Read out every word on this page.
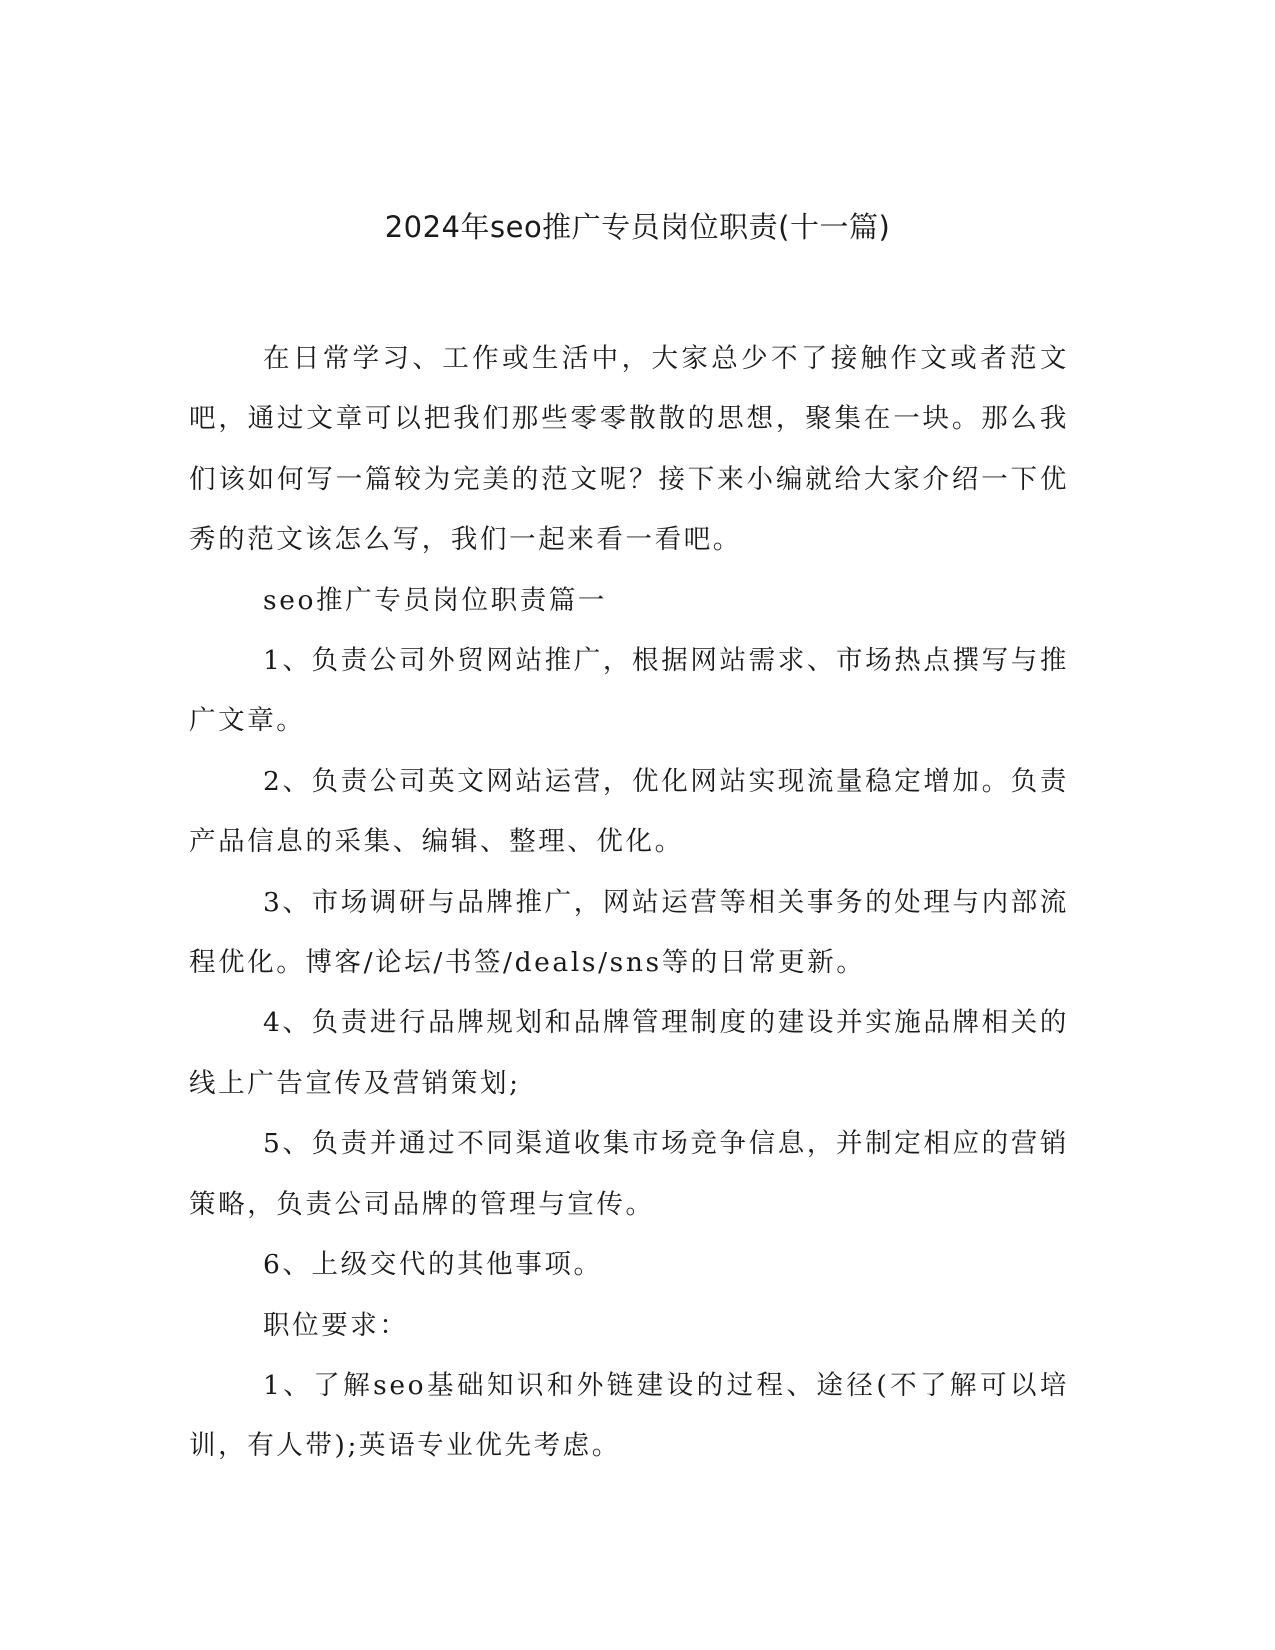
2024年seo推广专员岗位职责(十一篇)

在日常学习、工作或生活中，大家总少不了接触作文或者范文吧，通过文章可以把我们那些零零散散的思想，聚集在一块。那么我们该如何写一篇较为完美的范文呢？接下来小编就给大家介绍一下优秀的范文该怎么写，我们一起来看一看吧。

seo推广专员岗位职责篇一

1、负责公司外贸网站推广，根据网站需求、市场热点撰写与推广文章。

2、负责公司英文网站运营，优化网站实现流量稳定增加。负责产品信息的采集、编辑、整理、优化。

3、市场调研与品牌推广，网站运营等相关事务的处理与内部流程优化。博客/论坛/书签/deals/sns等的日常更新。

4、负责进行品牌规划和品牌管理制度的建设并实施品牌相关的线上广告宣传及营销策划;

5、负责并通过不同渠道收集市场竞争信息，并制定相应的营销策略，负责公司品牌的管理与宣传。

6、上级交代的其他事项。

职位要求：

1、了解seo基础知识和外链建设的过程、途径(不了解可以培训，有人带);英语专业优先考虑。
